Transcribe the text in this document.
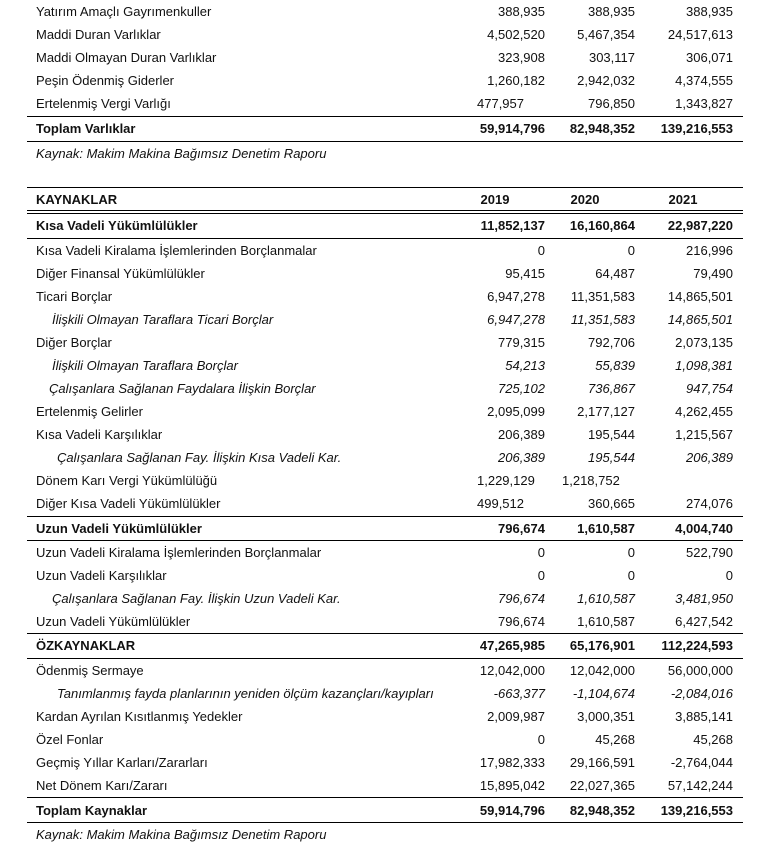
Yatırım Amaçlı Gayrımenkuller	388,935	388,935	388,935
Maddi Duran Varlıklar	4,502,520	5,467,354	24,517,613
Maddi Olmayan Duran Varlıklar	323,908	303,117	306,071
Peşin Ödenmiş Giderler	1,260,182	2,942,032	4,374,555
Ertelenmiş Vergi Varlığı	477,957	796,850	1,343,827
Toplam Varlıklar	59,914,796	82,948,352	139,216,553
Kaynak: Makim Makina Bağımsız Denetim Raporu
KAYNAKLAR	2019	2020	2021
Kısa Vadeli Yükümlülükler	11,852,137	16,160,864	22,987,220
Kısa Vadeli Kiralama İşlemlerinden Borçlanmalar	0	0	216,996
Diğer Finansal Yükümlülükler	95,415	64,487	79,490
Ticari Borçlar	6,947,278	11,351,583	14,865,501
İlişkili Olmayan Taraflara Ticari Borçlar	6,947,278	11,351,583	14,865,501
Diğer Borçlar	779,315	792,706	2,073,135
İlişkili Olmayan Taraflara Borçlar	54,213	55,839	1,098,381
Çalışanlara Sağlanan Faydalara İlişkin Borçlar	725,102	736,867	947,754
Ertelenmiş Gelirler	2,095,099	2,177,127	4,262,455
Kısa Vadeli Karşılıklar	206,389	195,544	1,215,567
Çalışanlara Sağlanan Fay. İlişkin Kısa Vadeli Kar.	206,389	195,544	206,389
Dönem Karı Vergi Yükümlülüğü	1,229,129	1,218,752
Diğer Kısa Vadeli Yükümlülükler	499,512	360,665	274,076
Uzun Vadeli Yükümlülükler	796,674	1,610,587	4,004,740
Uzun Vadeli Kiralama İşlemlerinden Borçlanmalar	0	0	522,790
Uzun Vadeli Karşılıklar	0	0	0
Çalışanlara Sağlanan Fay. İlişkin Uzun Vadeli Kar.	796,674	1,610,587	3,481,950
Uzun Vadeli Yükümlülükler	796,674	1,610,587	6,427,542
ÖZKAYNAKLAR	47,265,985	65,176,901	112,224,593
Ödenmiş Sermaye	12,042,000	12,042,000	56,000,000
Tanımlanmış fayda planlarının yeniden ölçüm kazançları/kayıpları	-663,377	-1,104,674	-2,084,016
Kardan Ayrılan Kısıtlanmış Yedekler	2,009,987	3,000,351	3,885,141
Özel Fonlar	0	45,268	45,268
Geçmiş Yıllar Karları/Zararları	17,982,333	29,166,591	-2,764,044
Net Dönem Karı/Zararı	15,895,042	22,027,365	57,142,244
Toplam Kaynaklar	59,914,796	82,948,352	139,216,553
Kaynak: Makim Makina Bağımsız Denetim Raporu
